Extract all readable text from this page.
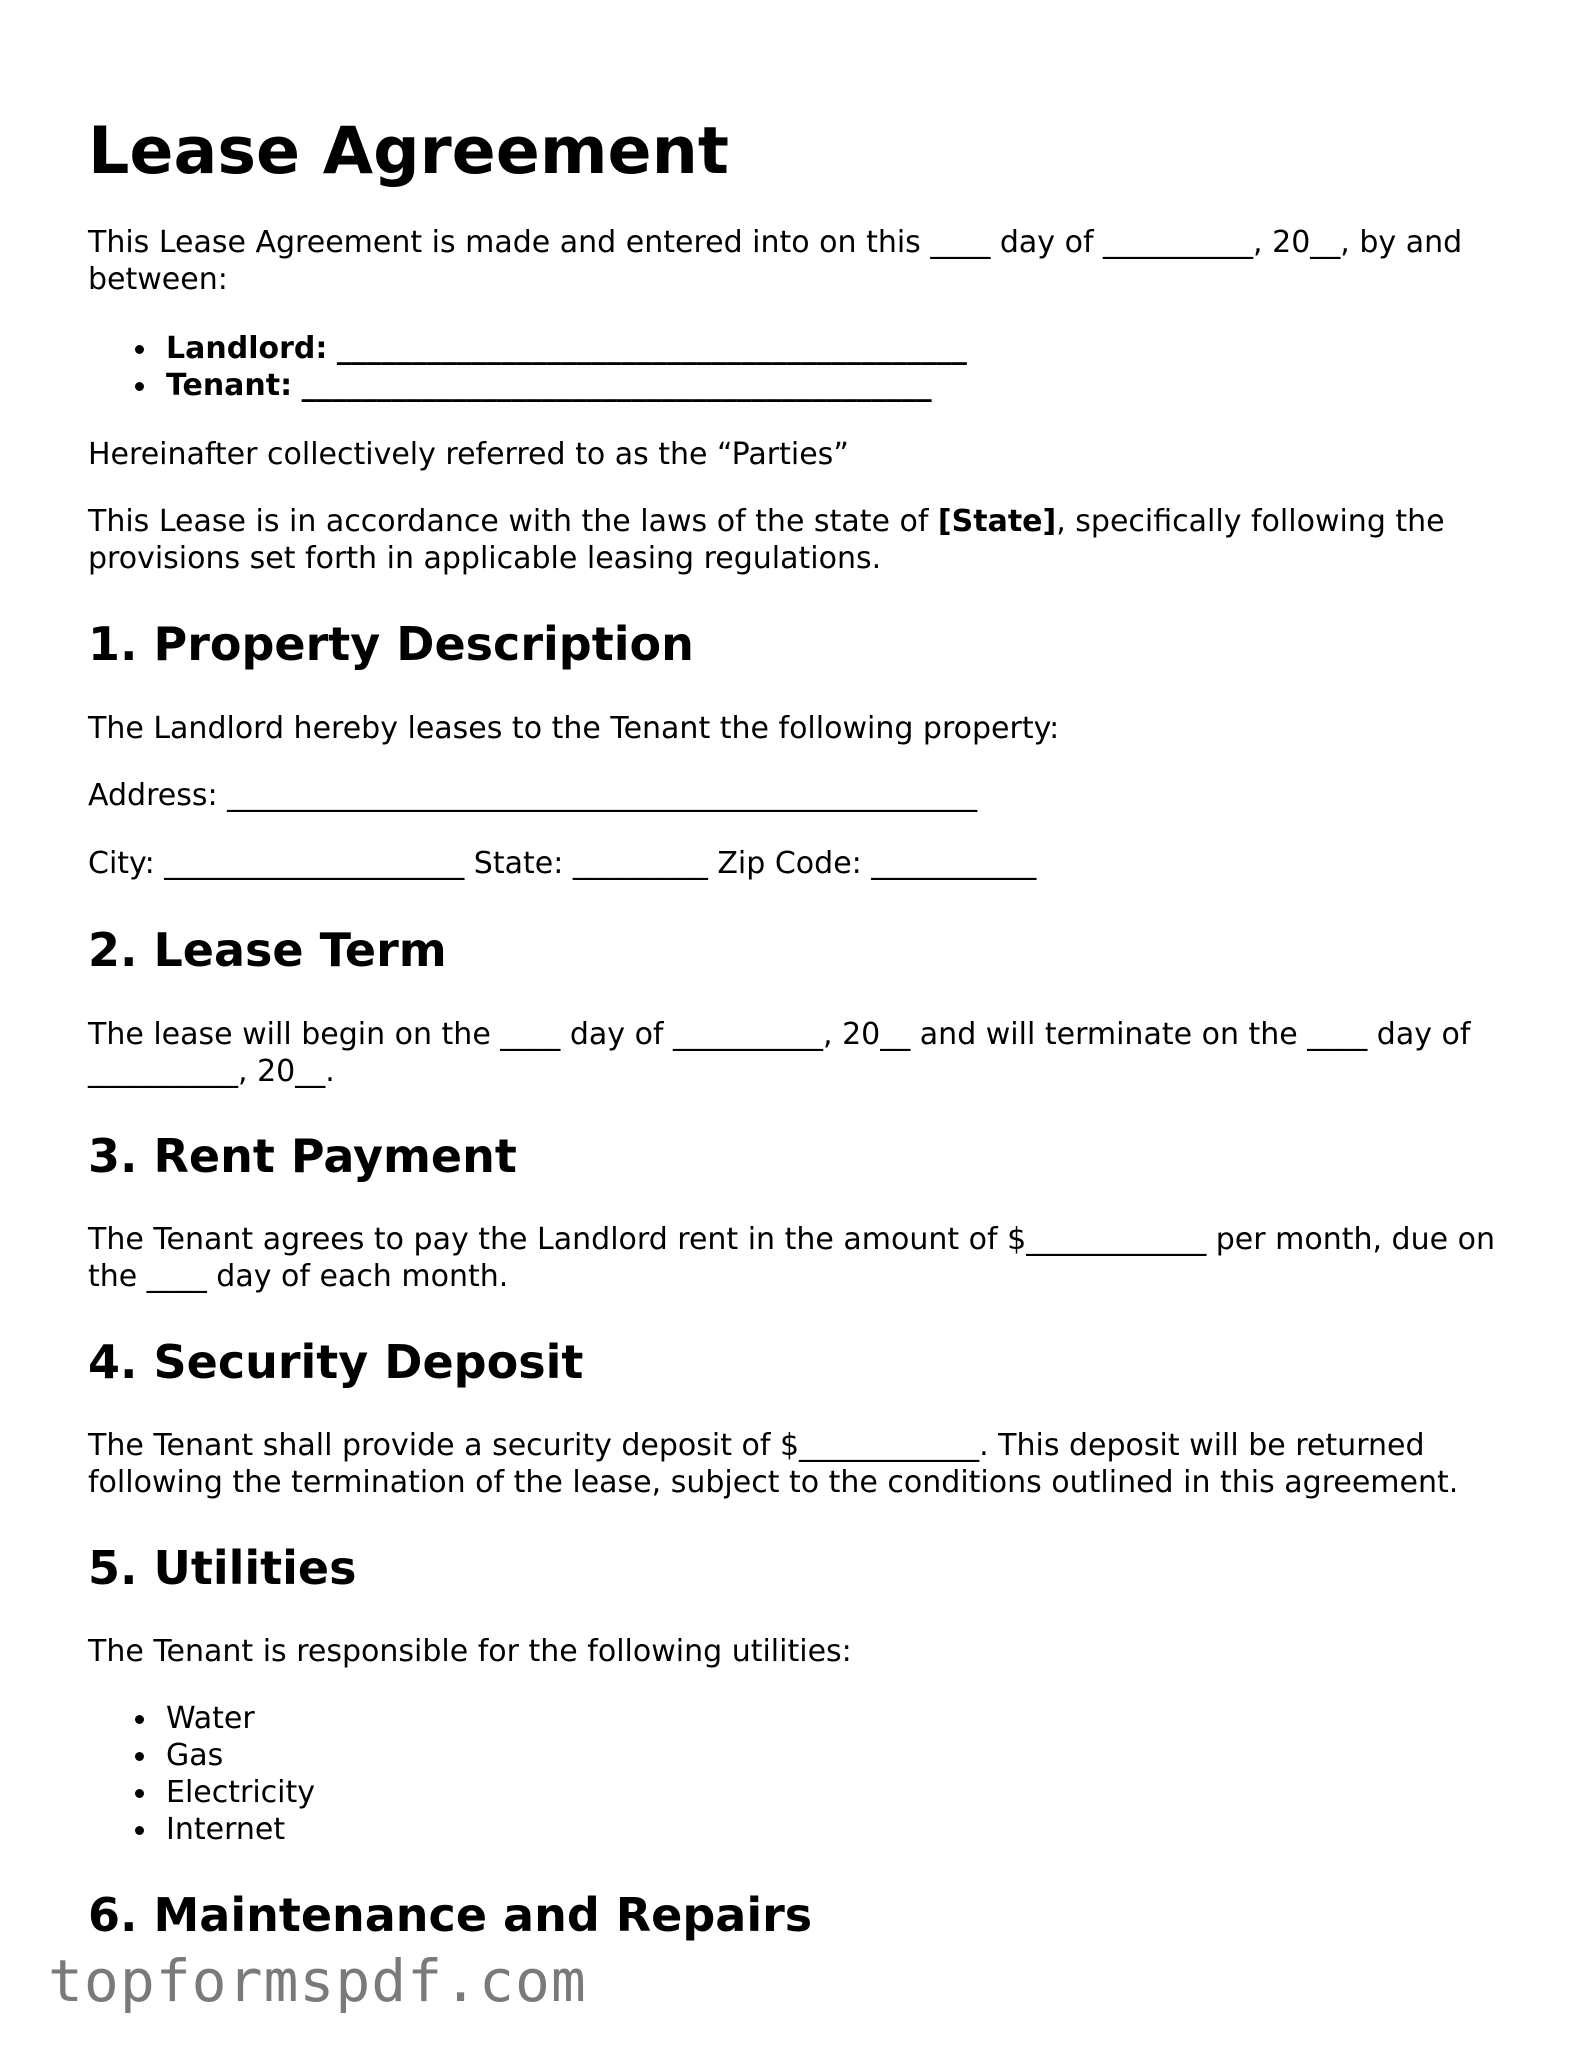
Lease Agreement

This Lease Agreement is made and entered into on this ____ day of __________, 20__, by and between:

Landlord: __________________________________________
Tenant: __________________________________________

Hereinafter collectively referred to as the “Parties”

This Lease is in accordance with the laws of the state of [State], specifically following the provisions set forth in applicable leasing regulations.

1. Property Description

The Landlord hereby leases to the Tenant the following property:

Address: __________________________________________________

City: ____________________ State: _________ Zip Code: ___________

2. Lease Term

The lease will begin on the ____ day of __________, 20__ and will terminate on the ____ day of __________, 20__.

3. Rent Payment

The Tenant agrees to pay the Landlord rent in the amount of $____________ per month, due on the ____ day of each month.

4. Security Deposit

The Tenant shall provide a security deposit of $____________. This deposit will be returned following the termination of the lease, subject to the conditions outlined in this agreement.

5. Utilities

The Tenant is responsible for the following utilities:

Water
Gas
Electricity
Internet
6. Maintenance and Repairs
topformspdf.com
